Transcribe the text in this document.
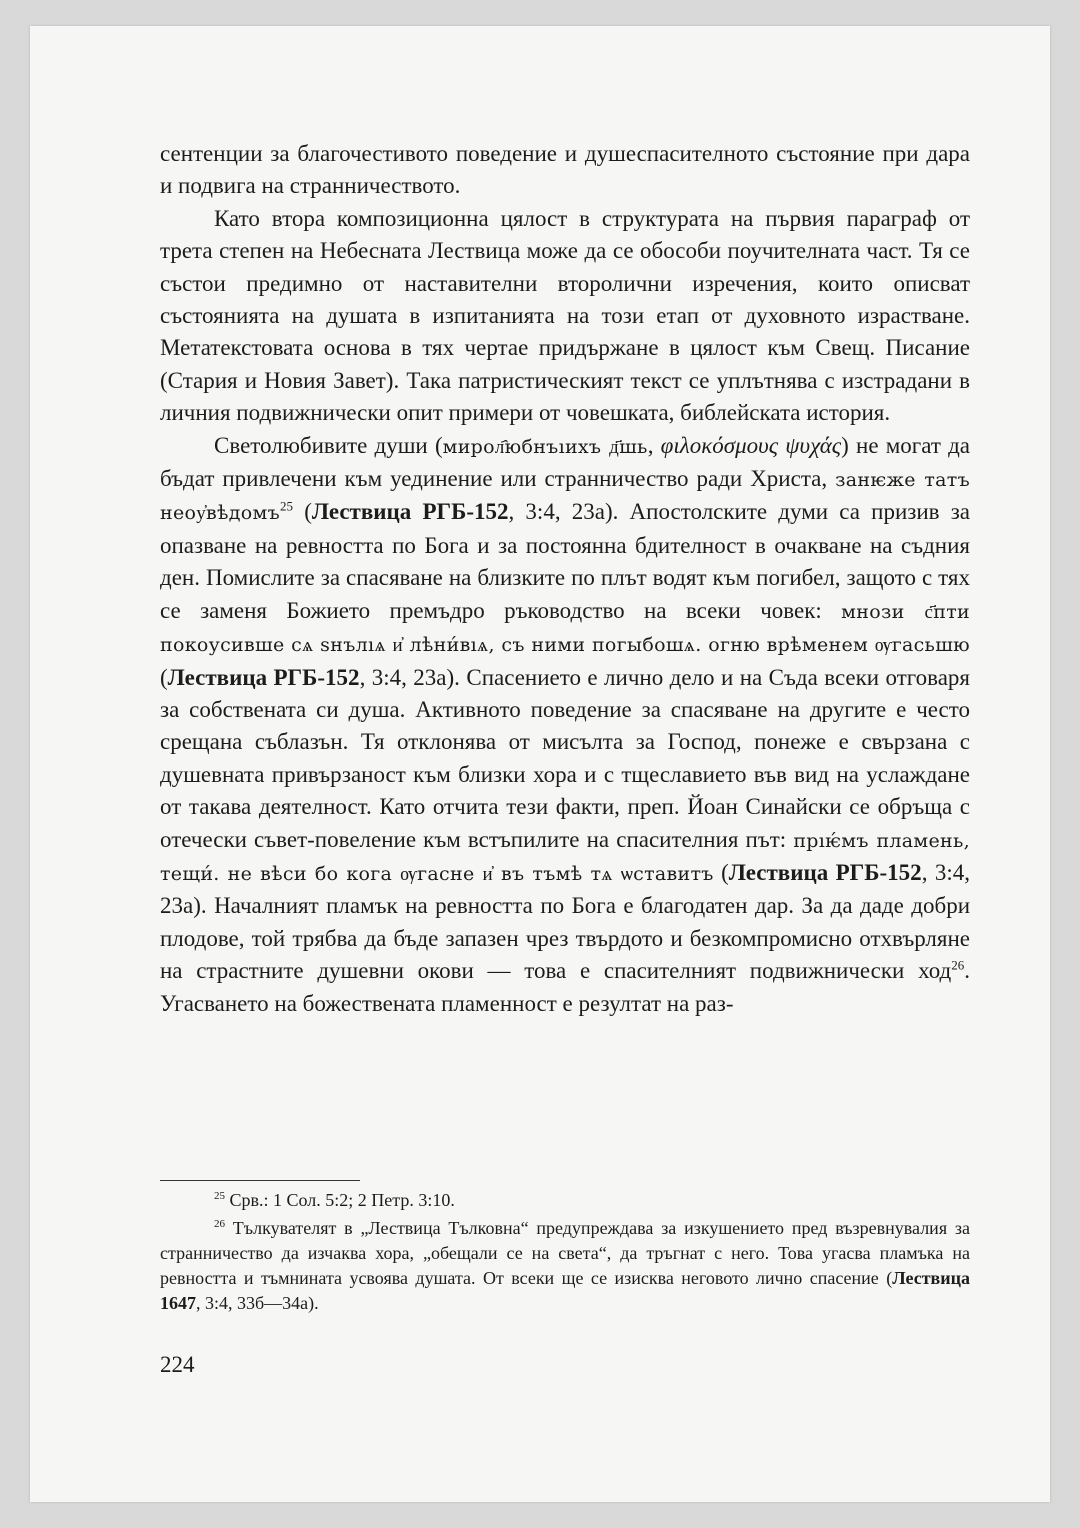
сентенции за благочестивото поведение и душеспасителното състояние при дара и подвига на странничеството.

Като втора композиционна цялост в структурата на първия параграф от трета степен на Небесната Лествица може да се обособи поучителната част. Тя се състои предимно от наставителни второлични изречения, които описват състоянията на душата в изпитанията на този етап от духовното израстване. Метатекстовата основа в тях чертае придържане в цялост към Свещ. Писание (Стария и Новия Завет). Така патристическият текст се уплътнява с изстрадани в личния подвижнически опит примери от човешката, библейската история.

Светолюбивите души (мирол҄юбнъıихъ д҃шь, φιλοκόσμους ψυχάς) не могат да бъдат привлечени към уединение или странничество ради Христа, занѥже татъ неоу҆вѣдомъ$^{25}$ (Лествица РГБ-152, 3:4, 23а). Апостолските думи са призив за опазване на ревността по Бога и за постоянна бдителност в очакване на съдния ден. Помислите за спасяване на близките по плът водят към погибел, защото с тях се заменя Божието премъдро ръководство на всеки човек: мнози с҃пти покоусивше сѧ ѕнълıѧ и҆ лѣни́вıѧ, съ ними погыбошѧ. огню врѣменем ѹгасьшю (Лествица РГБ-152, 3:4, 23а). Спасението е лично дело и на Съда всеки отговаря за собствената си душа. Активното поведение за спасяване на другите е често срещана съблазън. Тя отклонява от мисълта за Господ, понеже е свързана с душевната привързаност към близки хора и с тщеславието във вид на услаждане от такава деятелност. Като отчита тези факти, преп. Йоан Синайски се обръща с отечески съвет-повеление към встъпилите на спасителния път: прıѥ́мъ пламень, тещи́. не вѣси бо кога ѹгасне и҆ въ тъмѣ тѧ ѡставитъ (Лествица РГБ-152, 3:4, 23а). Началният пламък на ревността по Бога е благодатен дар. За да даде добри плодове, той трябва да бъде запазен чрез твърдото и безкомпромисно отхвърляне на страстните душевни окови — това е спасителният подвижнически ход$^{26}$. Угасването на божествената пламенност е резултат на раз-

$^{25}$ Срв.: 1 Сол. 5:2; 2 Петр. 3:10.

$^{26}$ Тълкувателят в „Лествица Тълковна“ предупреждава за изкушението пред възревнувалия за странничество да изчаква хора, „обещали се на света“, да тръгнат с него. Това угасва пламъка на ревността и тъмнината усвоява душата. От всеки ще се изисква неговото лично спасение (Лествица 1647, 3:4, 33б—34а).

224
